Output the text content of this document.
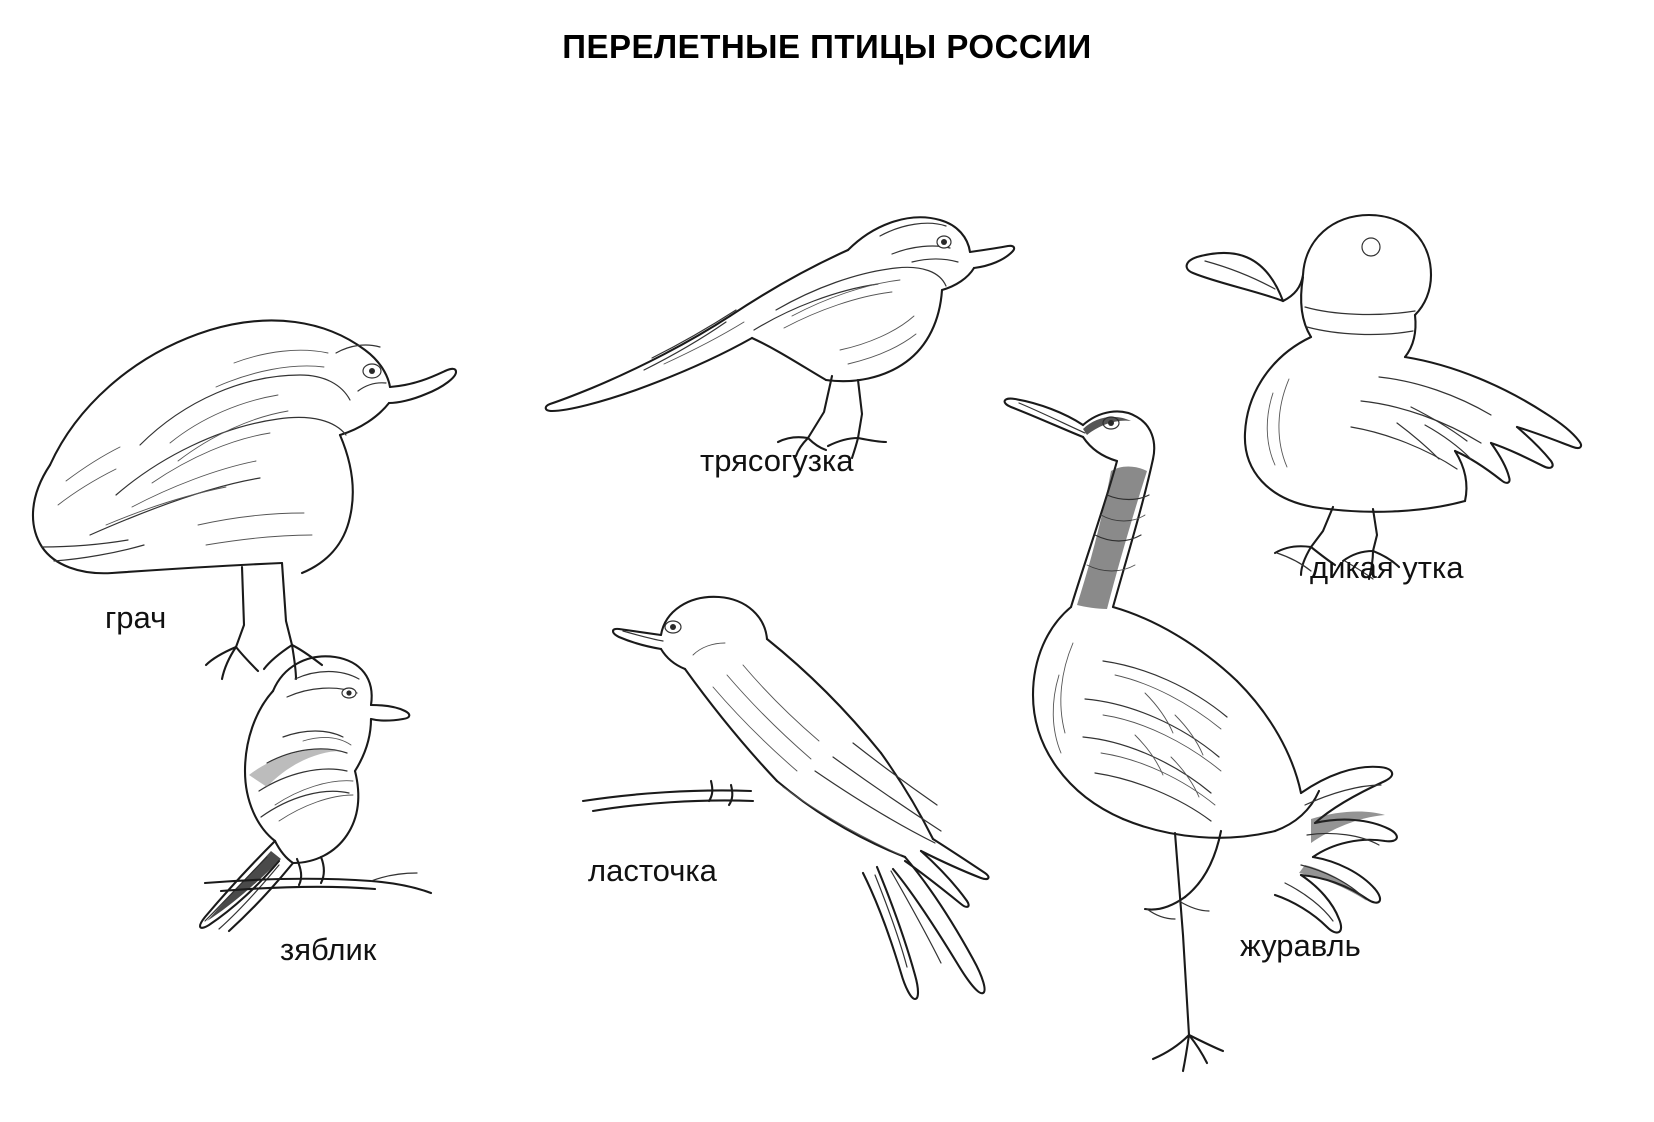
ПЕРЕЛЕТНЫЕ ПТИЦЫ РОССИИ
грач
трясогузка
дикая утка
зяблик
ласточка
журавль
